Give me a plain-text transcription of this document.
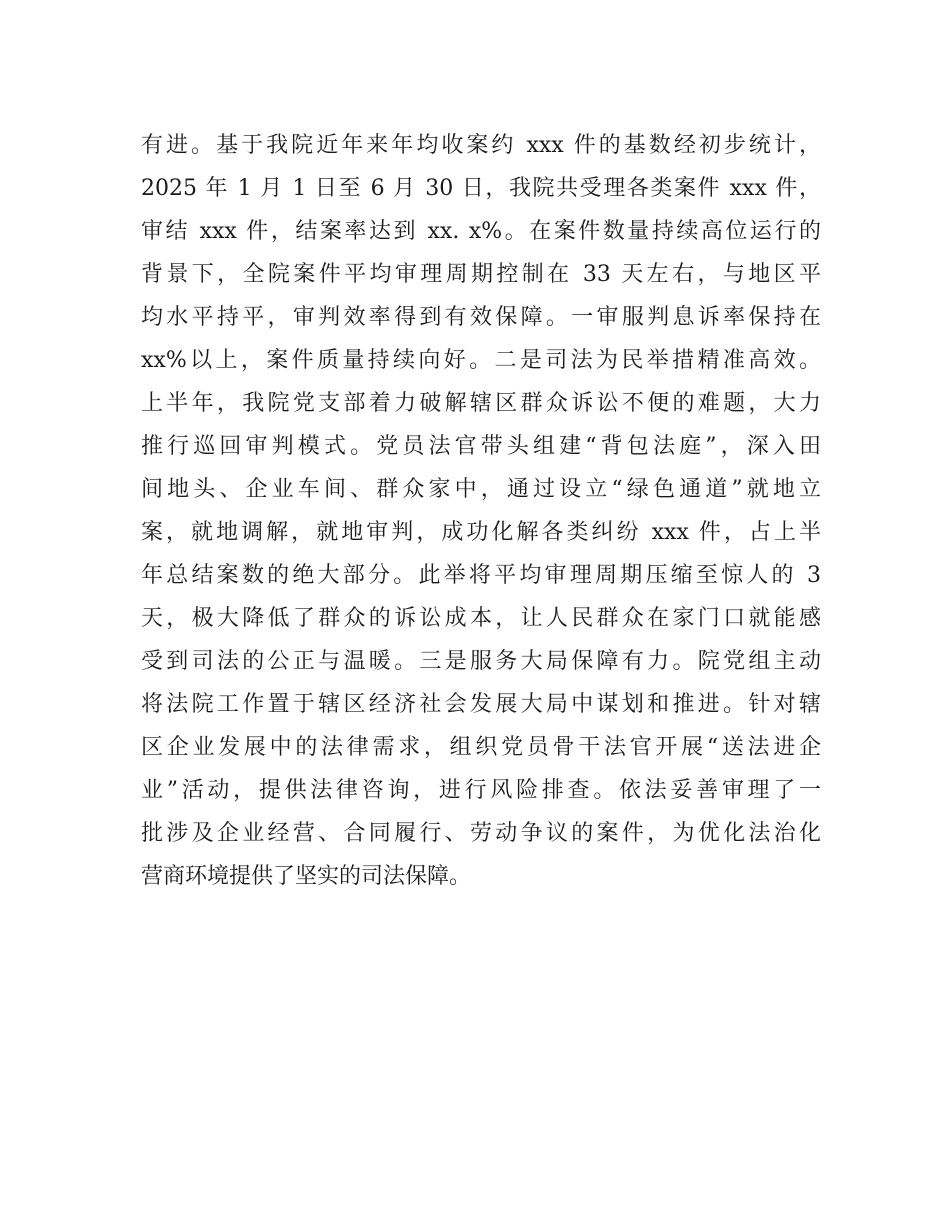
有进。基于我院近年来年均收案约 xxx 件的基数经初步统计，
2025 年 1 月 1 日至 6 月 30 日，我院共受理各类案件 xxx 件，
审结 xxx 件，结案率达到 xx. x%。在案件数量持续高位运行的
背景下，全院案件平均审理周期控制在 33 天左右，与地区平
均水平持平，审判效率得到有效保障。一审服判息诉率保持在
xx%以上，案件质量持续向好。二是司法为民举措精准高效。
上半年，我院党支部着力破解辖区群众诉讼不便的难题，大力
推行巡回审判模式。党员法官带头组建“背包法庭”，深入田
间地头、企业车间、群众家中，通过设立“绿色通道”就地立
案，就地调解，就地审判，成功化解各类纠纷 xxx 件，占上半
年总结案数的绝大部分。此举将平均审理周期压缩至惊人的 3
天，极大降低了群众的诉讼成本，让人民群众在家门口就能感
受到司法的公正与温暖。三是服务大局保障有力。院党组主动
将法院工作置于辖区经济社会发展大局中谋划和推进。针对辖
区企业发展中的法律需求，组织党员骨干法官开展“送法进企
业”活动，提供法律咨询，进行风险排查。依法妥善审理了一
批涉及企业经营、合同履行、劳动争议的案件，为优化法治化
营商环境提供了坚实的司法保障。
